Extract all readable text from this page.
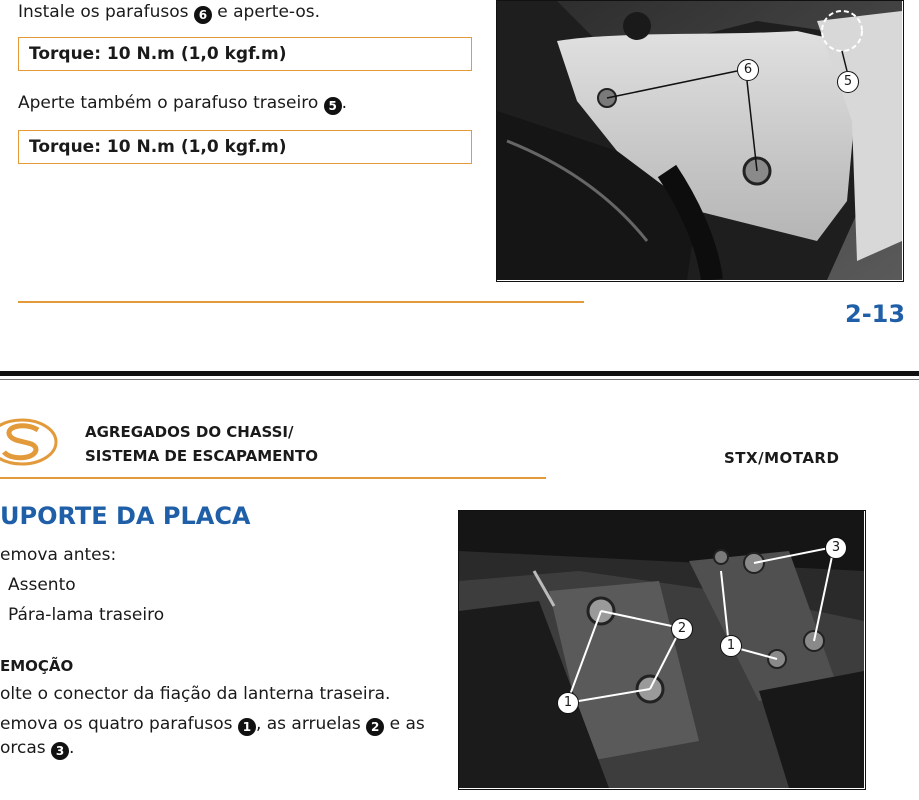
Instale os parafusos 6 e aperte-os.
Torque: 10 N.m (1,0 kgf.m)
Aperte também o parafuso traseiro 5 .
Torque: 10 N.m (1,0 kgf.m)
6
5
2-13
AGREGADOS DO CHASSI/
SISTEMA DE ESCAPAMENTO	STX/MOTARD
UPORTE DA PLACA
emova antes:
Assento
Pára-lama traseiro
EMOÇÃO
olte o conector da fiação da lanterna traseira.
emova os quatro parafusos 1 , as arruelas 2 e as
orcas 3 .
3
2
1
1
